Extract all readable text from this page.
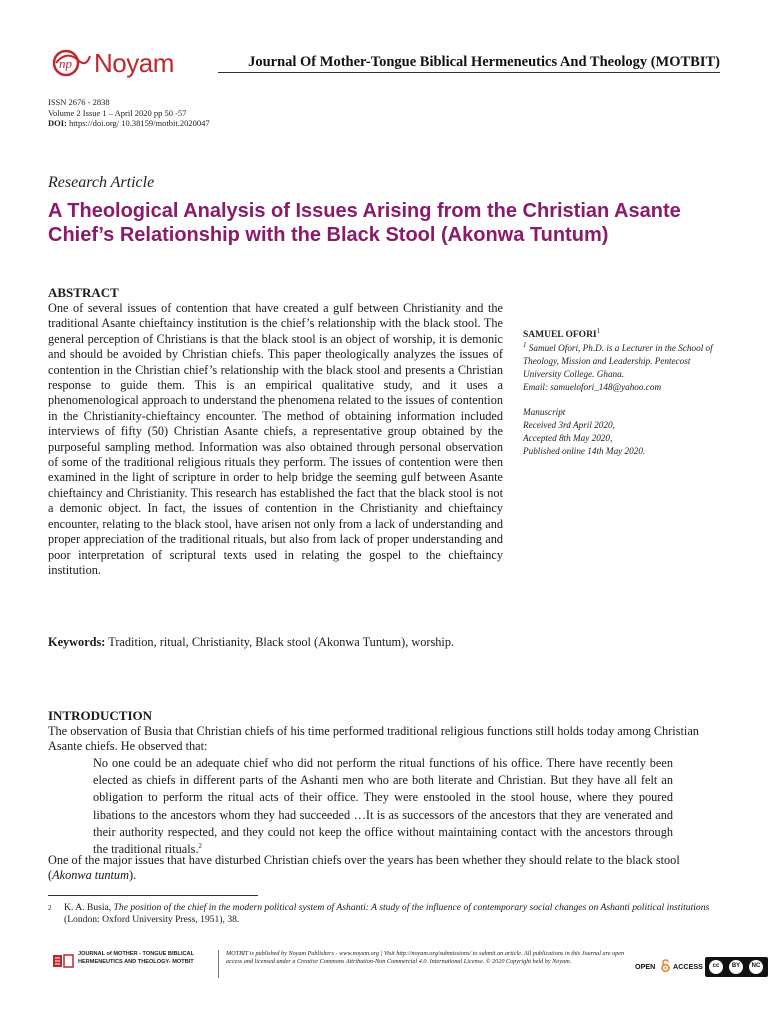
np Noyam	Journal Of Mother-Tongue Biblical Hermeneutics And Theology (MOTBIT)
ISSN 2676 - 2838
Volume 2 Issue 1 – April 2020 pp 50 -57
DOI: https://doi.org/ 10.38159/motbit.2020047
Research Article
A Theological Analysis of Issues Arising from the Christian Asante Chief’s Relationship with the Black Stool (Akonwa Tuntum)
ABSTRACT
One of several issues of contention that have created a gulf between Christianity and the traditional Asante chieftaincy institution is the chief’s relationship with the black stool. The general perception of Christians is that the black stool is an object of worship, it is demonic and should be avoided by Christian chiefs. This paper theologically analyzes the issues of contention in the Christian chief’s relationship with the black stool and presents a Christian response to guide them. This is an empirical qualitative study, and it uses a phenomenological approach to understand the phenomena related to the issues of contention in the Christianity-chieftaincy encounter. The method of obtaining information included interviews of fifty (50) Christian Asante chiefs, a representative group obtained by the purposeful sampling method. Information was also obtained through personal observation of some of the traditional religious rituals they perform. The issues of contention were then examined in the light of scripture in order to help bridge the seeming gulf between Asante chieftaincy and Christianity. This research has established the fact that the black stool is not a demonic object. In fact, the issues of contention in the Christianity and chieftaincy encounter, relating to the black stool, have arisen not only from a lack of understanding and proper appreciation of the traditional rituals, but also from lack of proper understanding and poor interpretation of scriptural texts used in relating the gospel to the chieftaincy institution.
SAMUEL OFORI$^1$
$^1$ Samuel Ofori, Ph.D. is a Lecturer in the School of Theology, Mission and Leadership. Pentecost University College. Ghana.
Email: samuelofori_148@yahoo.com
Manuscript
Received 3rd April 2020,
Accepted 8th May 2020,
Published online 14th May 2020.
Keywords: Tradition, ritual, Christianity, Black stool (Akonwa Tuntum), worship.
INTRODUCTION
The observation of Busia that Christian chiefs of his time performed traditional religious functions still holds today among Christian Asante chiefs. He observed that:
No one could be an adequate chief who did not perform the ritual functions of his office. There have recently been elected as chiefs in different parts of the Ashanti men who are both literate and Christian. But they have all felt an obligation to perform the ritual acts of their office. They were enstooled in the stool house, where they poured libations to the ancestors whom they had succeeded …It is as successors of the ancestors that they are venerated and their authority respected, and they could not keep the office without maintaining contact with the ancestors through the traditional rituals.$^2$
One of the major issues that have disturbed Christian chiefs over the years has been whether they should relate to the black stool (Akonwa tuntum).
2 K. A. Busia, The position of the chief in the modern political system of Ashanti: A study of the influence of contemporary social changes on Ashanti political institutions (London: Oxford University Press, 1951), 38.
JOURNAL of MOTHER - TONGUE BIBLICAL
HERMENEUTICS AND THEOLOGY- MOTBIT
MOTBIT is published by Noyam Publishers - www.noyam.org | Visit http://noyam.org/submissions/ to submit an article. All publications in this Journal are open access and licensed under a Creative Commons Attribution-Non Commercial 4.0. International License. © 2020 Copyright held by Noyam.
OPEN ACCESS	cc	BY	NC
